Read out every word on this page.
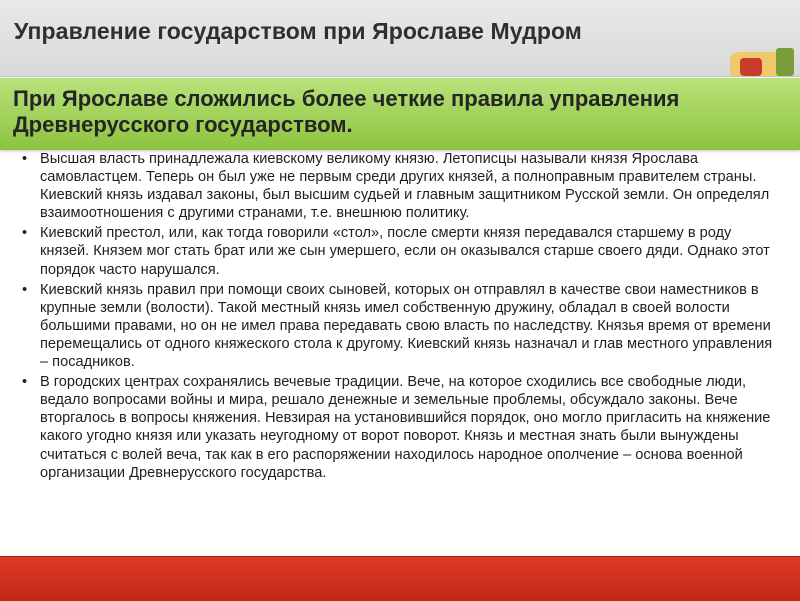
Управление государством при Ярославе Мудром
При Ярославе сложились более четкие правила управления Древнерусского государством.
• Высшая власть принадлежала киевскому великому князю. Летописцы называли князя Ярослава самовластцем. Теперь он был уже не первым среди других князей, а полноправным правителем страны. Киевский князь издавал законы, был высшим судьей и главным защитником Русской земли. Он определял взаимоотношения с другими странами, т.е. внешнюю политику.
• Киевский престол, или, как тогда говорили «стол», после смерти князя передавался старшему в роду князей. Князем мог стать брат или же сын умершего, если он оказывался старше своего дяди. Однако этот порядок часто нарушался.
• Киевский князь правил при помощи своих сыновей, которых он отправлял в качестве свои наместников в крупные земли (волости). Такой местный князь имел собственную дружину, обладал в своей волости большими правами, но он не имел права передавать свою власть по наследству. Князья время от времени перемещались от одного княжеского стола к другому. Киевский князь назначал и глав местного управления – посадников.
• В городских центрах сохранялись вечевые традиции. Вече, на которое сходились все свободные люди, ведало вопросами войны и мира, решало денежные и земельные проблемы, обсуждало законы. Вече вторгалось в вопросы княжения. Невзирая на установившийся порядок, оно могло пригласить на княжение какого угодно князя или указать неугодному от ворот поворот. Князь и местная знать были вынуждены считаться с волей веча, так как в его распоряжении находилось народное ополчение – основа военной организации Древнерусского государства.
